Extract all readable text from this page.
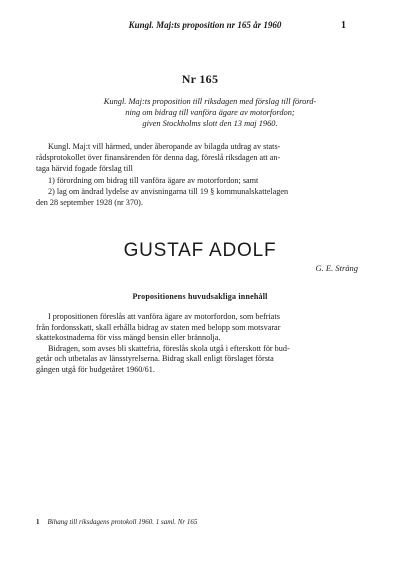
Kungl. Maj:ts proposition nr 165 år 1960	1
Nr 165
Kungl. Maj:ts proposition till riksdagen med förslag till förord-
ning om bidrag till vanföra ägare av motorfordon;
given Stockholms slott den 13 maj 1960.
Kungl. Maj:t vill härmed, under åberopande av bilagda utdrag av stats-
rådsprotokollet över finansärenden för denna dag, föreslå riksdagen att an-
taga härvid fogade förslag till
1) förordning om bidrag till vanföra ägare av motorfordon; samt
2) lag om ändrad lydelse av anvisningarna till 19 § kommunalskattelagen
den 28 september 1928 (nr 370).
GUSTAF ADOLF
G. E. Sträng
Propositionens huvudsakliga innehåll
I propositionen föreslås att vanföra ägare av motorfordon, som befriats
från fordonsskatt, skall erhålla bidrag av staten med belopp som motsvarar
skattekostnaderna för viss mängd bensin eller brännolja.
Bidragen, som avses bli skattefria, föreslås skola utgå i efterskott för bud-
getår och utbetalas av länsstyrelserna. Bidrag skall enligt förslaget första
gången utgå för budgetåret 1960/61.
1 Bihang till riksdagens protokoll 1960. 1 saml. Nr 165
